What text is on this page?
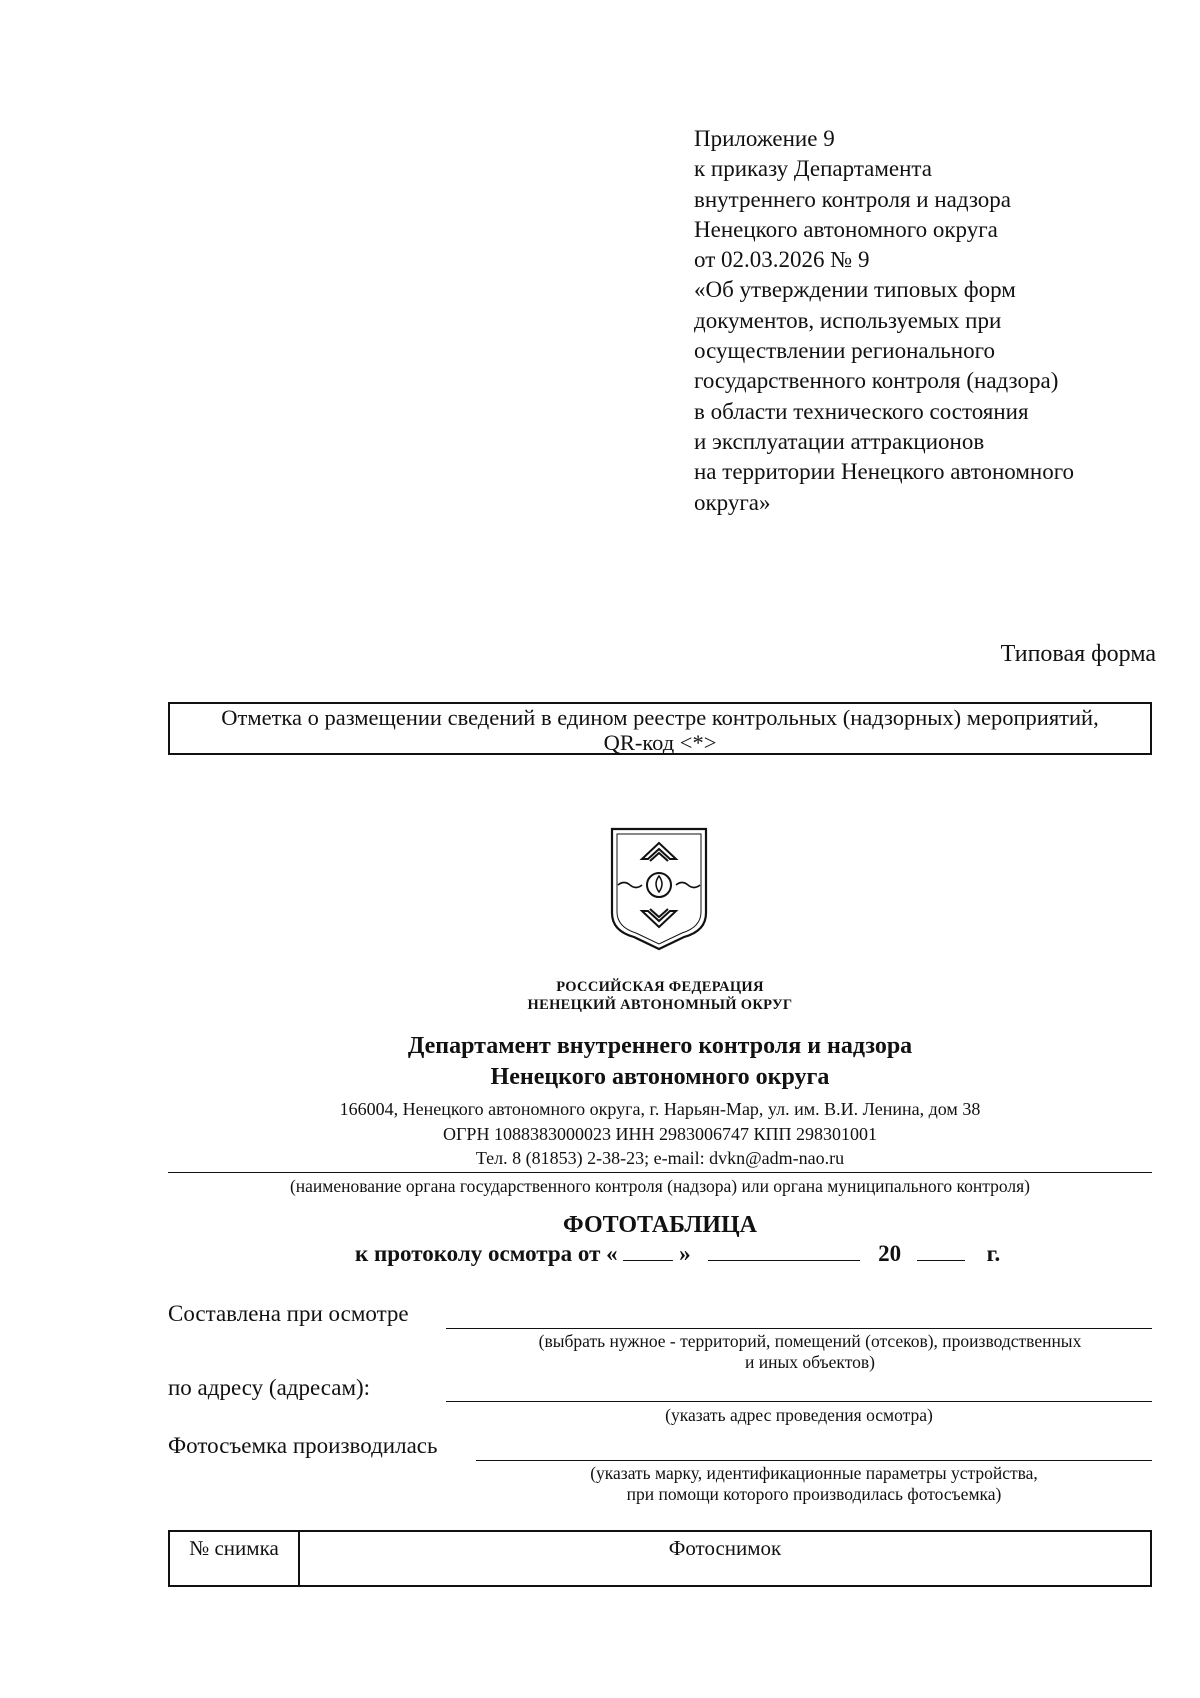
Приложение 9
к приказу Департамента
внутреннего контроля и надзора
Ненецкого автономного округа
от 02.03.2026 № 9
«Об утверждении типовых форм
документов, используемых при
осуществлении регионального
государственного контроля (надзора)
в области технического состояния
и эксплуатации аттракционов
на территории Ненецкого автономного
округа»
Типовая форма
Отметка о размещении сведений в едином реестре контрольных (надзорных) мероприятий,
QR-код <*>
РОССИЙСКАЯ ФЕДЕРАЦИЯ
НЕНЕЦКИЙ АВТОНОМНЫЙ ОКРУГ
Департамент внутреннего контроля и надзора
Ненецкого автономного округа
166004, Ненецкого автономного округа, г. Нарьян-Мар, ул. им. В.И. Ленина, дом 38
ОГРН 1088383000023 ИНН 2983006747 КПП 298301001
Тел. 8 (81853) 2-38-23; e-mail: dvkn@adm-nao.ru
(наименование органа государственного контроля (надзора) или органа муниципального контроля)
ФОТОТАБЛИЦА
к протоколу осмотра от «	»	20	г.
Составлена при осмотре
(выбрать нужное - территорий, помещений (отсеков), производственных
и иных объектов)
по адресу (адресам):
(указать адрес проведения осмотра)
Фотосъемка производилась
(указать марку, идентификационные параметры устройства,
при помощи которого производилась фотосъемка)
№ снимка	Фотоснимок
